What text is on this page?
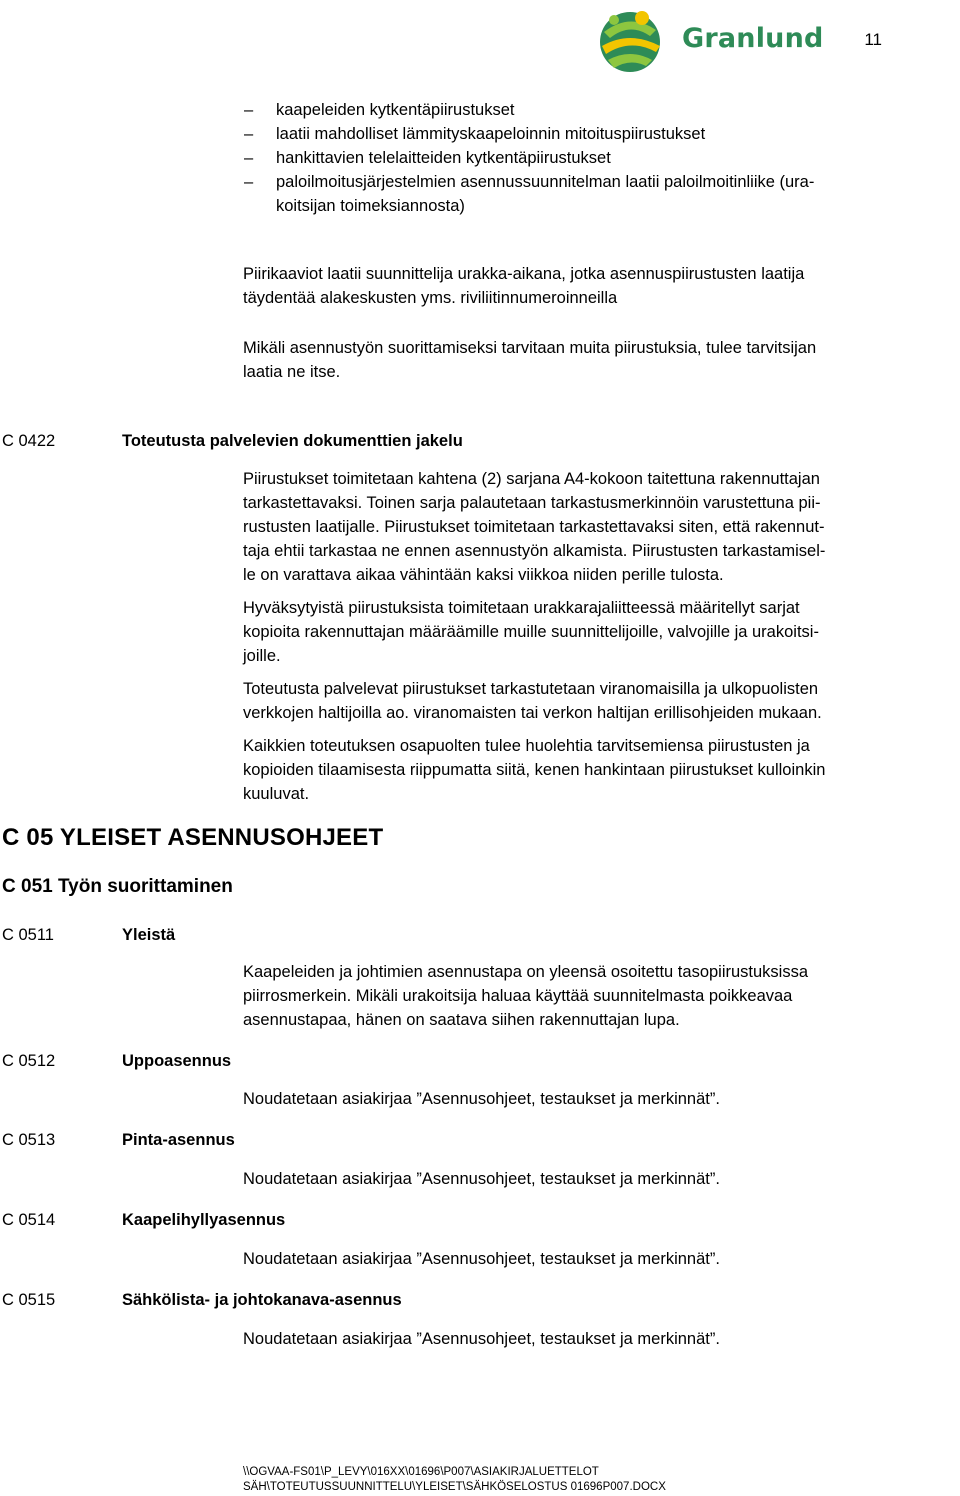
Granlund 11
– kaapeleiden kytkentäpiirustukset
– laatii mahdolliset lämmityskaapeloinnin mitoituspiirustukset
– hankittavien telelaitteiden kytkentäpiirustukset
– paloilmoitusjärjestelmien asennussuunnitelman laatii paloilmoitinliike (ura-
koitsijan toimeksiannosta)
Piirikaaviot laatii suunnittelija urakka-aikana, jotka asennuspiirustusten laatija
täydentää alakeskusten yms. riviliitinnumeroinneilla
Mikäli asennustyön suorittamiseksi tarvitaan muita piirustuksia, tulee tarvitsijan
laatia ne itse.
C 0422	Toteutusta palvelevien dokumenttien jakelu
Piirustukset toimitetaan kahtena (2) sarjana A4-kokoon taitettuna rakennuttajan
tarkastettavaksi. Toinen sarja palautetaan tarkastusmerkinnöin varustettuna pii-
rustusten laatijalle. Piirustukset toimitetaan tarkastettavaksi siten, että rakennut-
taja ehtii tarkastaa ne ennen asennustyön alkamista. Piirustusten tarkastamisel-
le on varattava aikaa vähintään kaksi viikkoa niiden perille tulosta.
Hyväksytyistä piirustuksista toimitetaan urakkarajaliitteessä määritellyt sarjat
kopioita rakennuttajan määräämille muille suunnittelijoille, valvojille ja urakoitsi-
joille.
Toteutusta palvelevat piirustukset tarkastutetaan viranomaisilla ja ulkopuolisten
verkkojen haltijoilla ao. viranomaisten tai verkon haltijan erillisohjeiden mukaan.
Kaikkien toteutuksen osapuolten tulee huolehtia tarvitsemiensa piirustusten ja
kopioiden tilaamisesta riippumatta siitä, kenen hankintaan piirustukset kulloinkin
kuuluvat.
C 05 YLEISET ASENNUSOHJEET
C 051 Työn suorittaminen
C 0511	Yleistä
Kaapeleiden ja johtimien asennustapa on yleensä osoitettu tasopiirustuksissa
piirrosmerkein. Mikäli urakoitsija haluaa käyttää suunnitelmasta poikkeavaa
asennustapaa, hänen on saatava siihen rakennuttajan lupa.
C 0512	Uppoasennus
Noudatetaan asiakirjaa ”Asennusohjeet, testaukset ja merkinnät”.
C 0513	Pinta-asennus
Noudatetaan asiakirjaa ”Asennusohjeet, testaukset ja merkinnät”.
C 0514	Kaapelihyllyasennus
Noudatetaan asiakirjaa ”Asennusohjeet, testaukset ja merkinnät”.
C 0515	Sähkölista- ja johtokanava-asennus
Noudatetaan asiakirjaa ”Asennusohjeet, testaukset ja merkinnät”.
\\OGVAA-FS01\P_LEVY\016XX\01696\P007\ASIAKIRJALUETTELOT
SÄH\TOTEUTUSSUUNNITTELU\YLEISET\SÄHKÖSELOSTUS 01696P007.DOCX
